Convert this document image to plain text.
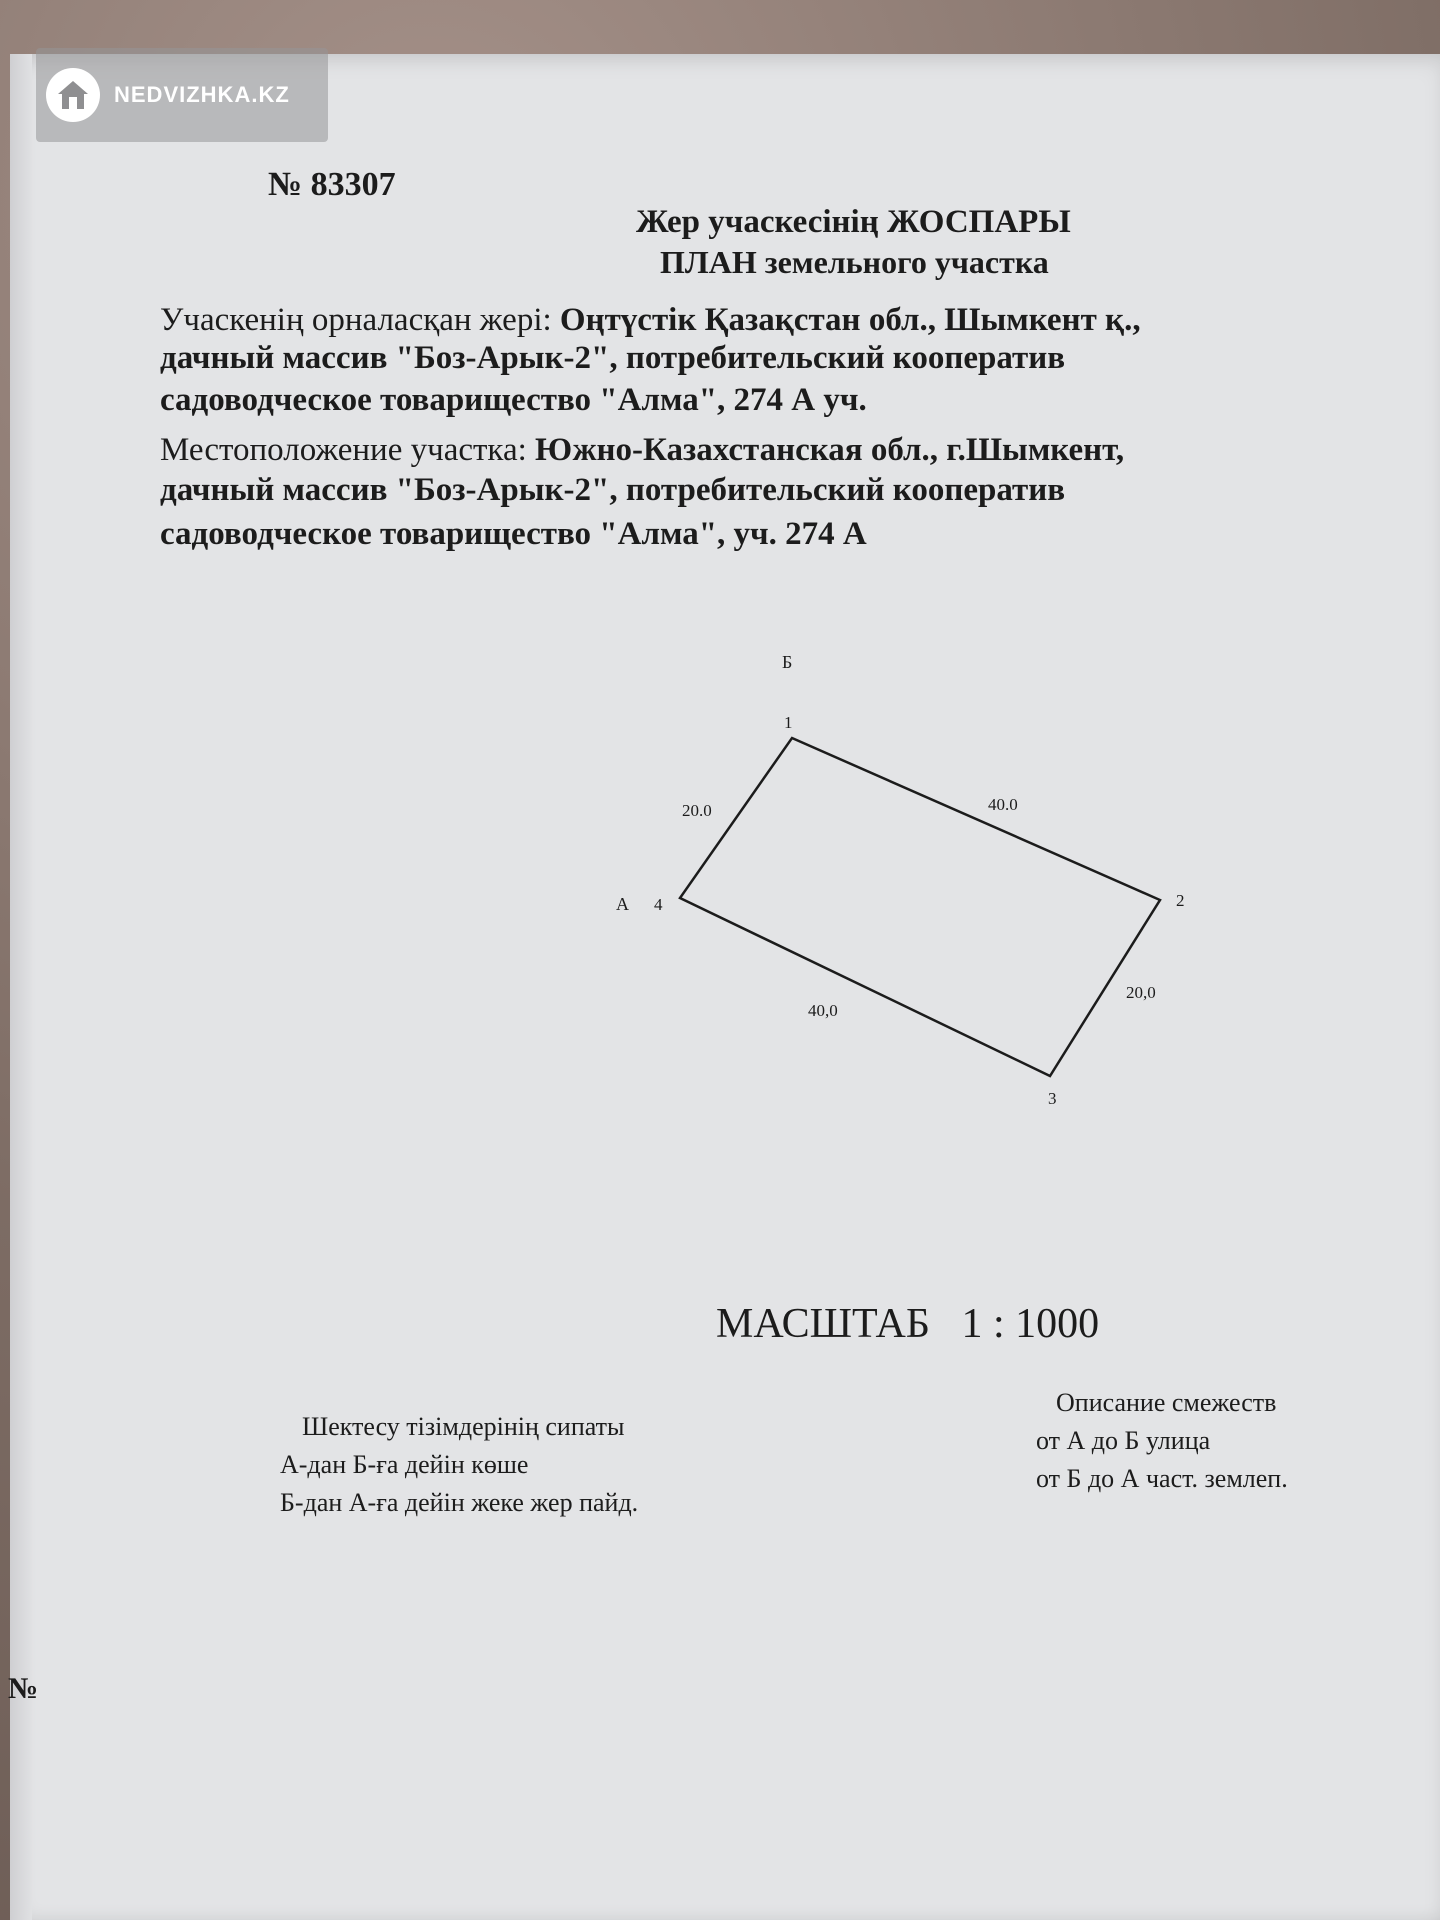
NEDVIZHKA.KZ
№ 83307
Жер учаскесінің ЖОСПАРЫ
ПЛАН земельного участка
Учаскенің орналасқан жері: Оңтүстік Қазақстан обл., Шымкент қ.,
дачный массив "Боз-Арык-2", потребительский кооператив
садоводческое товарищество "Алма", 274 А уч.
Местоположение участка: Южно-Казахстанская обл., г.Шымкент,
дачный массив "Боз-Арык-2", потребительский кооператив
садоводческое товарищество "Алма", уч. 274 А
Б
1
2
3
4
А
20.0	40.0
20,0
40,0
МАСШТАБ 1 : 1000
Шектесу тізімдерінің сипаты
А-дан Б-ға дейін көше
Б-дан А-ға дейін жеке жер пайд.
Описание смежеств
от А до Б улица
от Б до А част. землеп.
№
